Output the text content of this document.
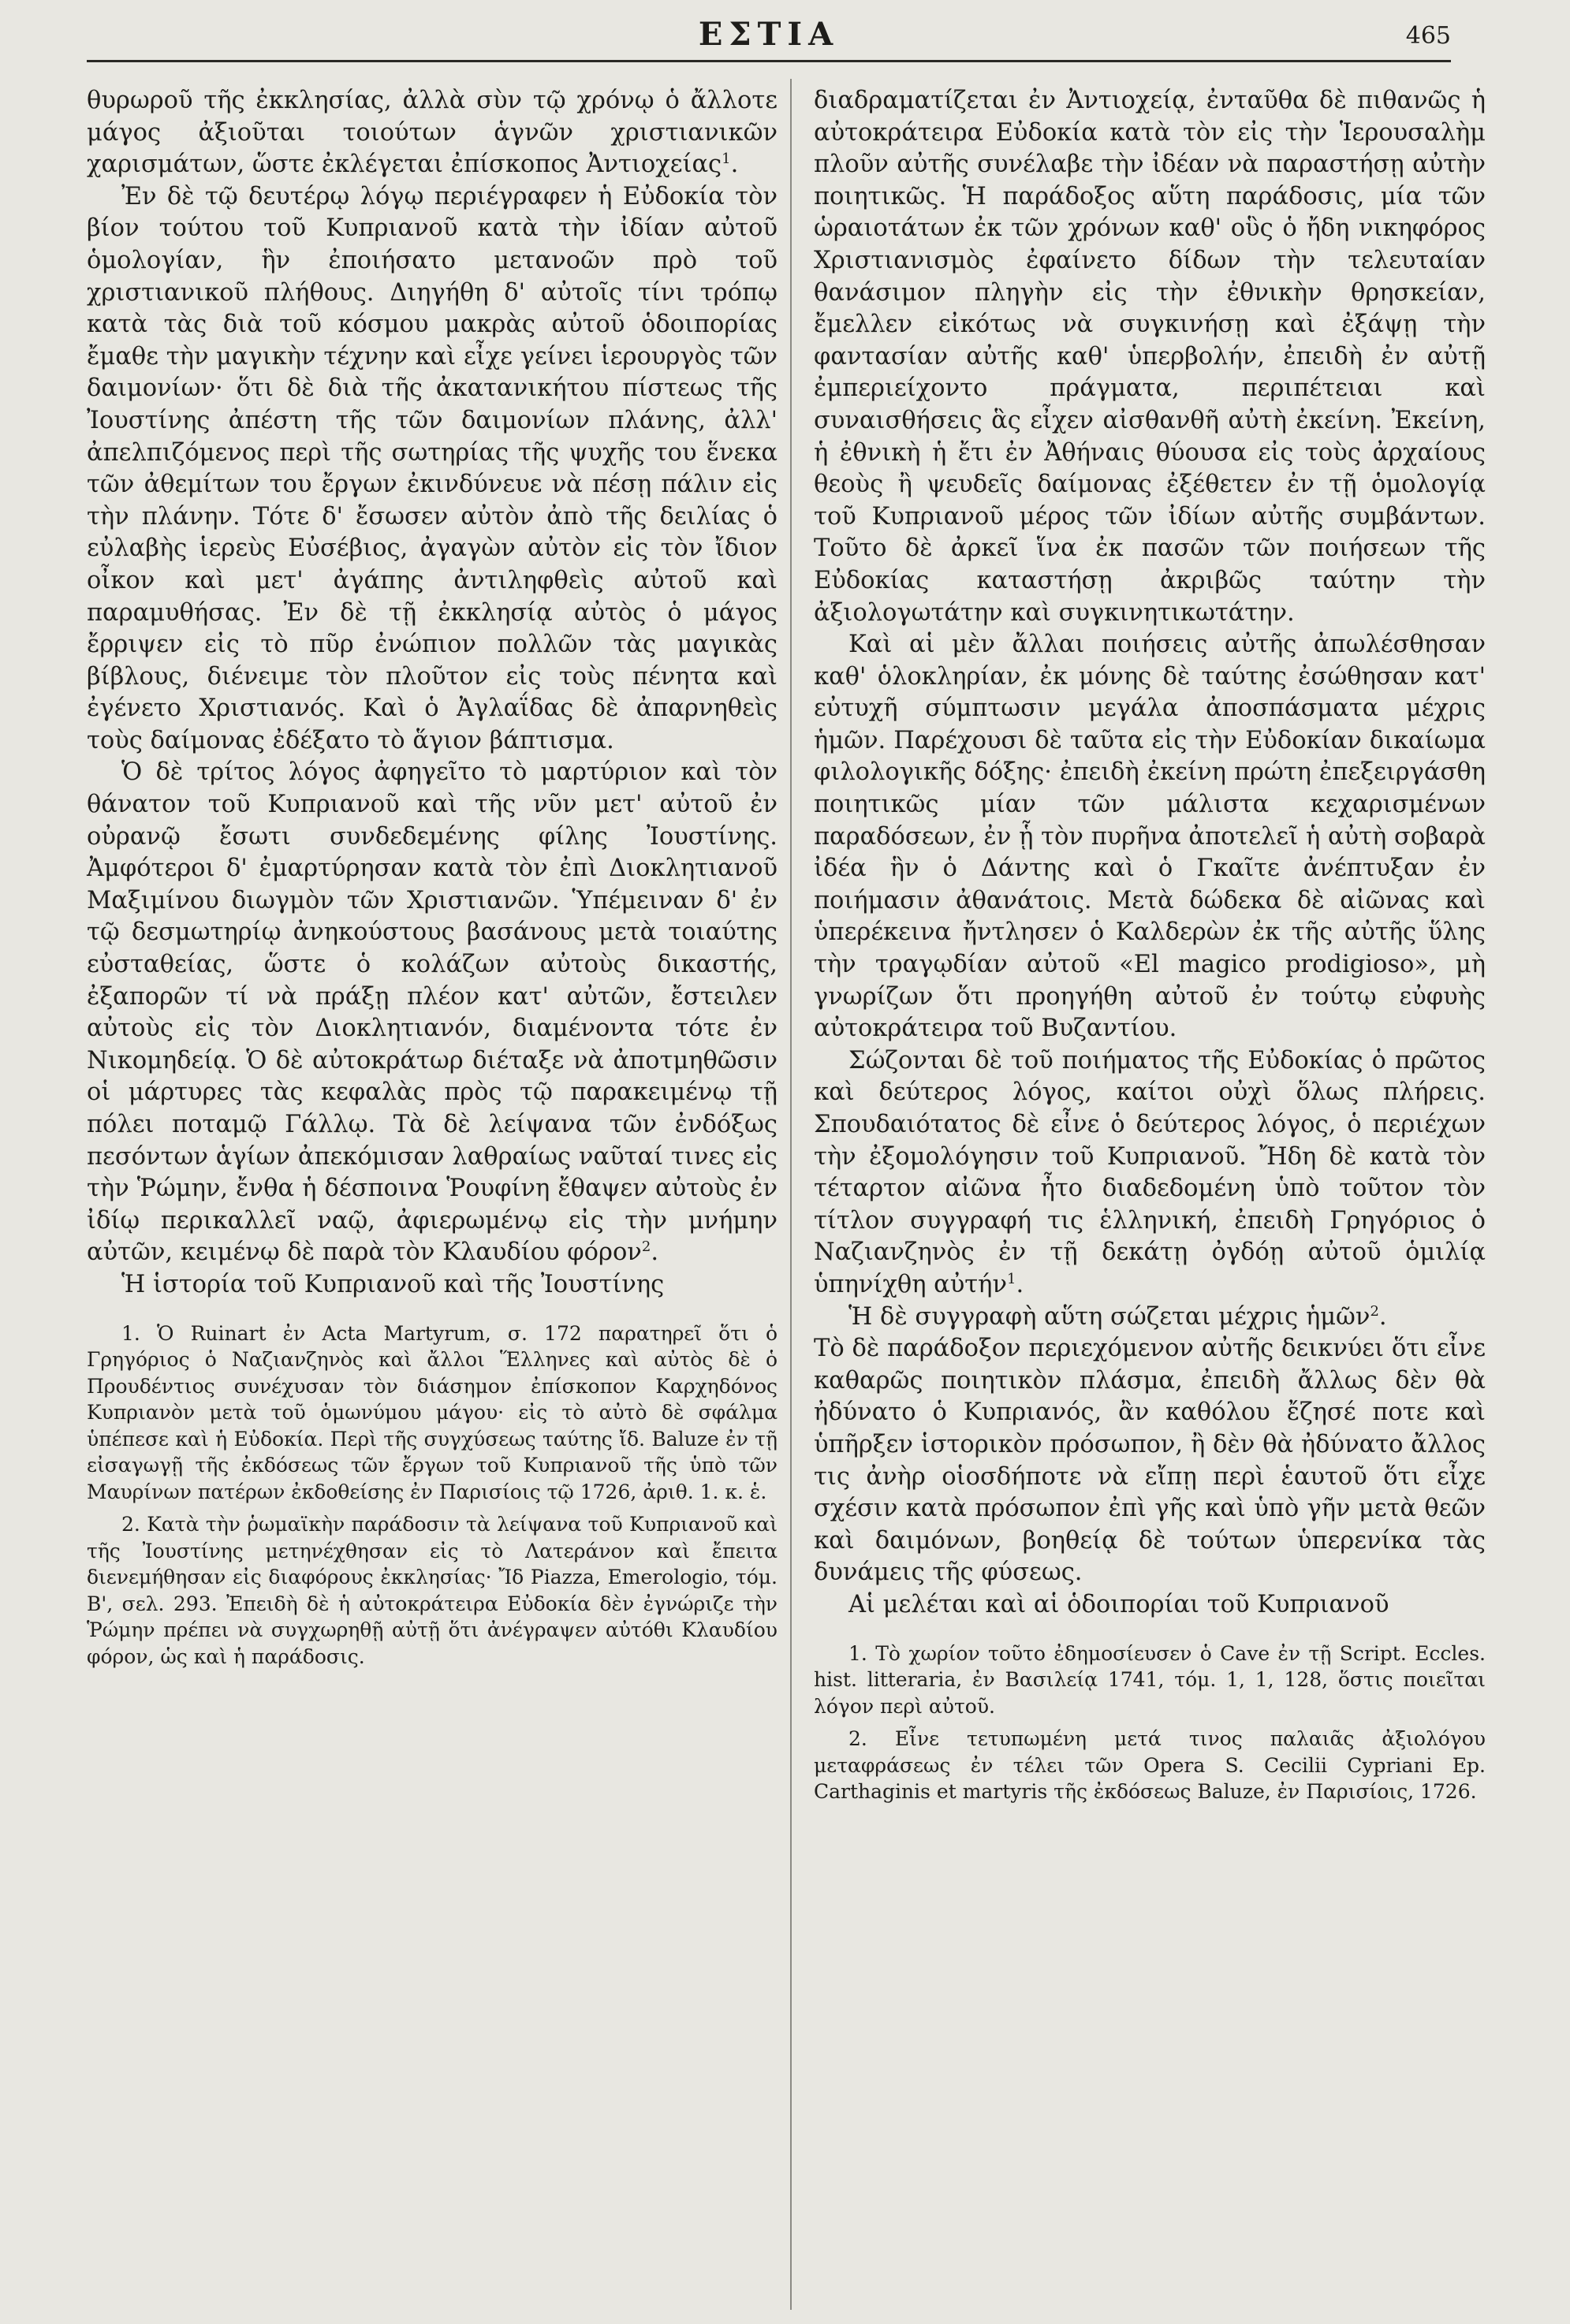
ΕΣΤΙΑ	465

θυρωροῦ τῆς ἐκκλησίας, ἀλλὰ σὺν τῷ χρόνῳ ὁ ἄλλοτε μάγος ἀξιοῦται τοιούτων ἁγνῶν χριστιανικῶν χαρισμάτων, ὥστε ἐκλέγεται ἐπίσκοπος Ἀντιοχείας$^1$.

Ἐν δὲ τῷ δευτέρῳ λόγῳ περιέγραφεν ἡ Εὐδοκία τὸν βίον τούτου τοῦ Κυπριανοῦ κατὰ τὴν ἰδίαν αὐτοῦ ὁμολογίαν, ἣν ἐποιήσατο μετανοῶν πρὸ τοῦ χριστιανικοῦ πλήθους. Διηγήθη δ' αὐτοῖς τίνι τρόπῳ κατὰ τὰς διὰ τοῦ κόσμου μακρὰς αὐτοῦ ὁδοιπορίας ἔμαθε τὴν μαγικὴν τέχνην καὶ εἶχε γείνει ἱερουργὸς τῶν δαιμονίων· ὅτι δὲ διὰ τῆς ἀκατανικήτου πίστεως τῆς Ἰουστίνης ἀπέστη τῆς τῶν δαιμονίων πλάνης, ἀλλ' ἀπελπιζόμενος περὶ τῆς σωτηρίας τῆς ψυχῆς του ἕνεκα τῶν ἀθεμίτων του ἔργων ἐκινδύνευε νὰ πέσῃ πάλιν εἰς τὴν πλάνην. Τότε δ' ἔσωσεν αὐτὸν ἀπὸ τῆς δειλίας ὁ εὐλαβὴς ἱερεὺς Εὐσέβιος, ἀγαγὼν αὐτὸν εἰς τὸν ἴδιον οἶκον καὶ μετ' ἀγάπης ἀντιληφθεὶς αὐτοῦ καὶ παραμυθήσας. Ἐν δὲ τῇ ἐκκλησίᾳ αὐτὸς ὁ μάγος ἔρριψεν εἰς τὸ πῦρ ἐνώπιον πολλῶν τὰς μαγικὰς βίβλους, διένειμε τὸν πλοῦτον εἰς τοὺς πένητα καὶ ἐγένετο Χριστιανός. Καὶ ὁ Ἀγλαΐδας δὲ ἀπαρνηθεὶς τοὺς δαίμονας ἐδέξατο τὸ ἅγιον βάπτισμα.

Ὁ δὲ τρίτος λόγος ἀφηγεῖτο τὸ μαρτύριον καὶ τὸν θάνατον τοῦ Κυπριανοῦ καὶ τῆς νῦν μετ' αὐτοῦ ἐν οὐρανῷ ἔσωτι συνδεδεμένης φίλης Ἰουστίνης. Ἀμφότεροι δ' ἐμαρτύρησαν κατὰ τὸν ἐπὶ Διοκλητιανοῦ Μαξιμίνου διωγμὸν τῶν Χριστιανῶν. Ὑπέμειναν δ' ἐν τῷ δεσμωτηρίῳ ἀνηκούστους βασάνους μετὰ τοιαύτης εὐσταθείας, ὥστε ὁ κολάζων αὐτοὺς δικαστής, ἐξαπορῶν τί νὰ πράξῃ πλέον κατ' αὐτῶν, ἔστειλεν αὐτοὺς εἰς τὸν Διοκλητιανόν, διαμένοντα τότε ἐν Νικομηδείᾳ. Ὁ δὲ αὐτοκράτωρ διέταξε νὰ ἀποτμηθῶσιν οἱ μάρτυρες τὰς κεφαλὰς πρὸς τῷ παρακειμένῳ τῇ πόλει ποταμῷ Γάλλῳ. Τὰ δὲ λείψανα τῶν ἐνδόξως πεσόντων ἁγίων ἀπεκόμισαν λαθραίως ναῦταί τινες εἰς τὴν Ῥώμην, ἔνθα ἡ δέσποινα Ῥουφίνη ἔθαψεν αὐτοὺς ἐν ἰδίῳ περικαλλεῖ ναῷ, ἀφιερωμένῳ εἰς τὴν μνήμην αὐτῶν, κειμένῳ δὲ παρὰ τὸν Κλαυδίου φόρον$^2$.

Ἡ ἱστορία τοῦ Κυπριανοῦ καὶ τῆς Ἰουστίνης

1. Ὁ Ruinart ἐν Acta Martyrum, σ. 172 παρατηρεῖ ὅτι ὁ Γρηγόριος ὁ Ναζιανζηνὸς καὶ ἄλλοι Ἕλληνες καὶ αὐτὸς δὲ ὁ Προυδέντιος συνέχυσαν τὸν διάσημον ἐπίσκοπον Καρχηδόνος Κυπριανὸν μετὰ τοῦ ὁμωνύμου μάγου· εἰς τὸ αὐτὸ δὲ σφάλμα ὑπέπεσε καὶ ἡ Εὐδοκία. Περὶ τῆς συγχύσεως ταύτης ἴδ. Baluze ἐν τῇ εἰσαγωγῇ τῆς ἐκδόσεως τῶν ἔργων τοῦ Κυπριανοῦ τῆς ὑπὸ τῶν Μαυρίνων πατέρων ἐκδοθείσης ἐν Παρισίοις τῷ 1726, ἀριθ. 1. κ. ἑ.

2. Κατὰ τὴν ῥωμαϊκὴν παράδοσιν τὰ λείψανα τοῦ Κυπριανοῦ καὶ τῆς Ἰουστίνης μετηνέχθησαν εἰς τὸ Λατεράνον καὶ ἔπειτα διενεμήθησαν εἰς διαφόρους ἐκκλησίας· Ἴδ Piazza, Emerologio, τόμ. Β', σελ. 293. Ἐπειδὴ δὲ ἡ αὐτοκράτειρα Εὐδοκία δὲν ἐγνώριζε τὴν Ῥώμην πρέπει νὰ συγχωρηθῇ αὐτῇ ὅτι ἀνέγραψεν αὐτόθι Κλαυδίου φόρον, ὡς καὶ ἡ παράδοσις.

διαδραματίζεται ἐν Ἀντιοχείᾳ, ἐνταῦθα δὲ πιθανῶς ἡ αὐτοκράτειρα Εὐδοκία κατὰ τὸν εἰς τὴν Ἱερουσαλὴμ πλοῦν αὐτῆς συνέλαβε τὴν ἰδέαν νὰ παραστήσῃ αὐτὴν ποιητικῶς. Ἡ παράδοξος αὕτη παράδοσις, μία τῶν ὡραιοτάτων ἐκ τῶν χρόνων καθ' οὓς ὁ ἤδη νικηφόρος Χριστιανισμὸς ἐφαίνετο δίδων τὴν τελευταίαν θανάσιμον πληγὴν εἰς τὴν ἐθνικὴν θρησκείαν, ἔμελλεν εἰκότως νὰ συγκινήσῃ καὶ ἐξάψῃ τὴν φαντασίαν αὐτῆς καθ' ὑπερβολήν, ἐπειδὴ ἐν αὐτῇ ἐμπεριείχοντο πράγματα, περιπέτειαι καὶ συναισθήσεις ἃς εἶχεν αἰσθανθῆ αὐτὴ ἐκείνη. Ἐκείνη, ἡ ἐθνικὴ ἡ ἔτι ἐν Ἀθήναις θύουσα εἰς τοὺς ἀρχαίους θεοὺς ἢ ψευδεῖς δαίμονας ἐξέθετεν ἐν τῇ ὁμολογίᾳ τοῦ Κυπριανοῦ μέρος τῶν ἰδίων αὐτῆς συμβάντων. Τοῦτο δὲ ἀρκεῖ ἵνα ἐκ πασῶν τῶν ποιήσεων τῆς Εὐδοκίας καταστήσῃ ἀκριβῶς ταύτην τὴν ἀξιολογωτάτην καὶ συγκινητικωτάτην.

Καὶ αἱ μὲν ἄλλαι ποιήσεις αὐτῆς ἀπωλέσθησαν καθ' ὁλοκληρίαν, ἐκ μόνης δὲ ταύτης ἐσώθησαν κατ' εὐτυχῆ σύμπτωσιν μεγάλα ἀποσπάσματα μέχρις ἡμῶν. Παρέχουσι δὲ ταῦτα εἰς τὴν Εὐδοκίαν δικαίωμα φιλολογικῆς δόξης· ἐπειδὴ ἐκείνη πρώτη ἐπεξειργάσθη ποιητικῶς μίαν τῶν μάλιστα κεχαρισμένων παραδόσεων, ἐν ᾗ τὸν πυρῆνα ἀποτελεῖ ἡ αὐτὴ σοβαρὰ ἰδέα ἣν ὁ Δάντης καὶ ὁ Γκαῖτε ἀνέπτυξαν ἐν ποιήμασιν ἀθανάτοις. Μετὰ δώδεκα δὲ αἰῶνας καὶ ὑπερέκεινα ἤντλησεν ὁ Καλδερὼν ἐκ τῆς αὐτῆς ὕλης τὴν τραγῳδίαν αὐτοῦ «El magico prodigioso», μὴ γνωρίζων ὅτι προηγήθη αὐτοῦ ἐν τούτῳ εὐφυὴς αὐτοκράτειρα τοῦ Βυζαντίου.

Σώζονται δὲ τοῦ ποιήματος τῆς Εὐδοκίας ὁ πρῶτος καὶ δεύτερος λόγος, καίτοι οὐχὶ ὅλως πλήρεις. Σπουδαιότατος δὲ εἶνε ὁ δεύτερος λόγος, ὁ περιέχων τὴν ἐξομολόγησιν τοῦ Κυπριανοῦ. Ἤδη δὲ κατὰ τὸν τέταρτον αἰῶνα ἦτο διαδεδομένη ὑπὸ τοῦτον τὸν τίτλον συγγραφή τις ἑλληνική, ἐπειδὴ Γρηγόριος ὁ Ναζιανζηνὸς ἐν τῇ δεκάτῃ ὀγδόῃ αὐτοῦ ὁμιλίᾳ ὑπηνίχθη αὐτήν$^1$.

Ἡ δὲ συγγραφὴ αὕτη σώζεται μέχρις ἡμῶν$^2$.

Τὸ δὲ παράδοξον περιεχόμενον αὐτῆς δεικνύει ὅτι εἶνε καθαρῶς ποιητικὸν πλάσμα, ἐπειδὴ ἄλλως δὲν θὰ ἠδύνατο ὁ Κυπριανός, ἂν καθόλου ἔζησέ ποτε καὶ ὑπῆρξεν ἱστορικὸν πρόσωπον, ἢ δὲν θὰ ἠδύνατο ἄλλος τις ἀνὴρ οἱοσδήποτε νὰ εἴπῃ περὶ ἑαυτοῦ ὅτι εἶχε σχέσιν κατὰ πρόσωπον ἐπὶ γῆς καὶ ὑπὸ γῆν μετὰ θεῶν καὶ δαιμόνων, βοηθείᾳ δὲ τούτων ὑπερενίκα τὰς δυνάμεις τῆς φύσεως.

Αἱ μελέται καὶ αἱ ὁδοιπορίαι τοῦ Κυπριανοῦ

1. Τὸ χωρίον τοῦτο ἐδημοσίευσεν ὁ Cave ἐν τῇ Script. Eccles. hist. litteraria, ἐν Βασιλείᾳ 1741, τόμ. 1, 1, 128, ὅστις ποιεῖται λόγον περὶ αὐτοῦ.

2. Εἶνε τετυπωμένη μετά τινος παλαιᾶς ἀξιολόγου μεταφράσεως ἐν τέλει τῶν Opera S. Cecilii Cypriani Ep. Carthaginis et martyris τῆς ἐκδόσεως Baluze, ἐν Παρισίοις, 1726.
